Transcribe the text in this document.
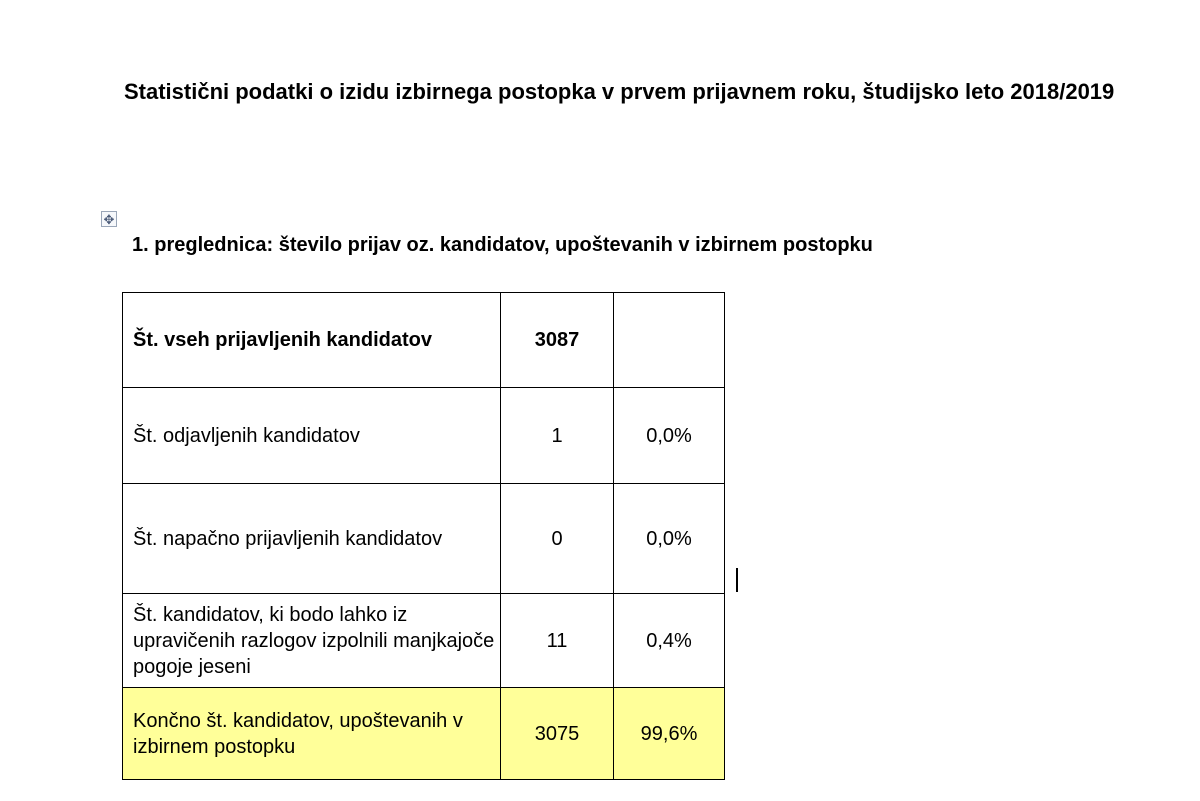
Statistični podatki o izidu izbirnega postopka v prvem prijavnem roku, študijsko leto 2018/2019
✥

1. preglednica: število prijav oz. kandidatov, upoštevanih v izbirnem postopku

Št. vseh prijavljenih kandidatov	3087	
Št. odjavljenih kandidatov	1	0,0%
Št. napačno prijavljenih kandidatov	0	0,0%
Št. kandidatov, ki bodo lahko iz upravičenih razlogov izpolnili manjkajoče pogoje jeseni	11	0,4%
Končno št. kandidatov, upoštevanih v izbirnem postopku	3075	99,6%
